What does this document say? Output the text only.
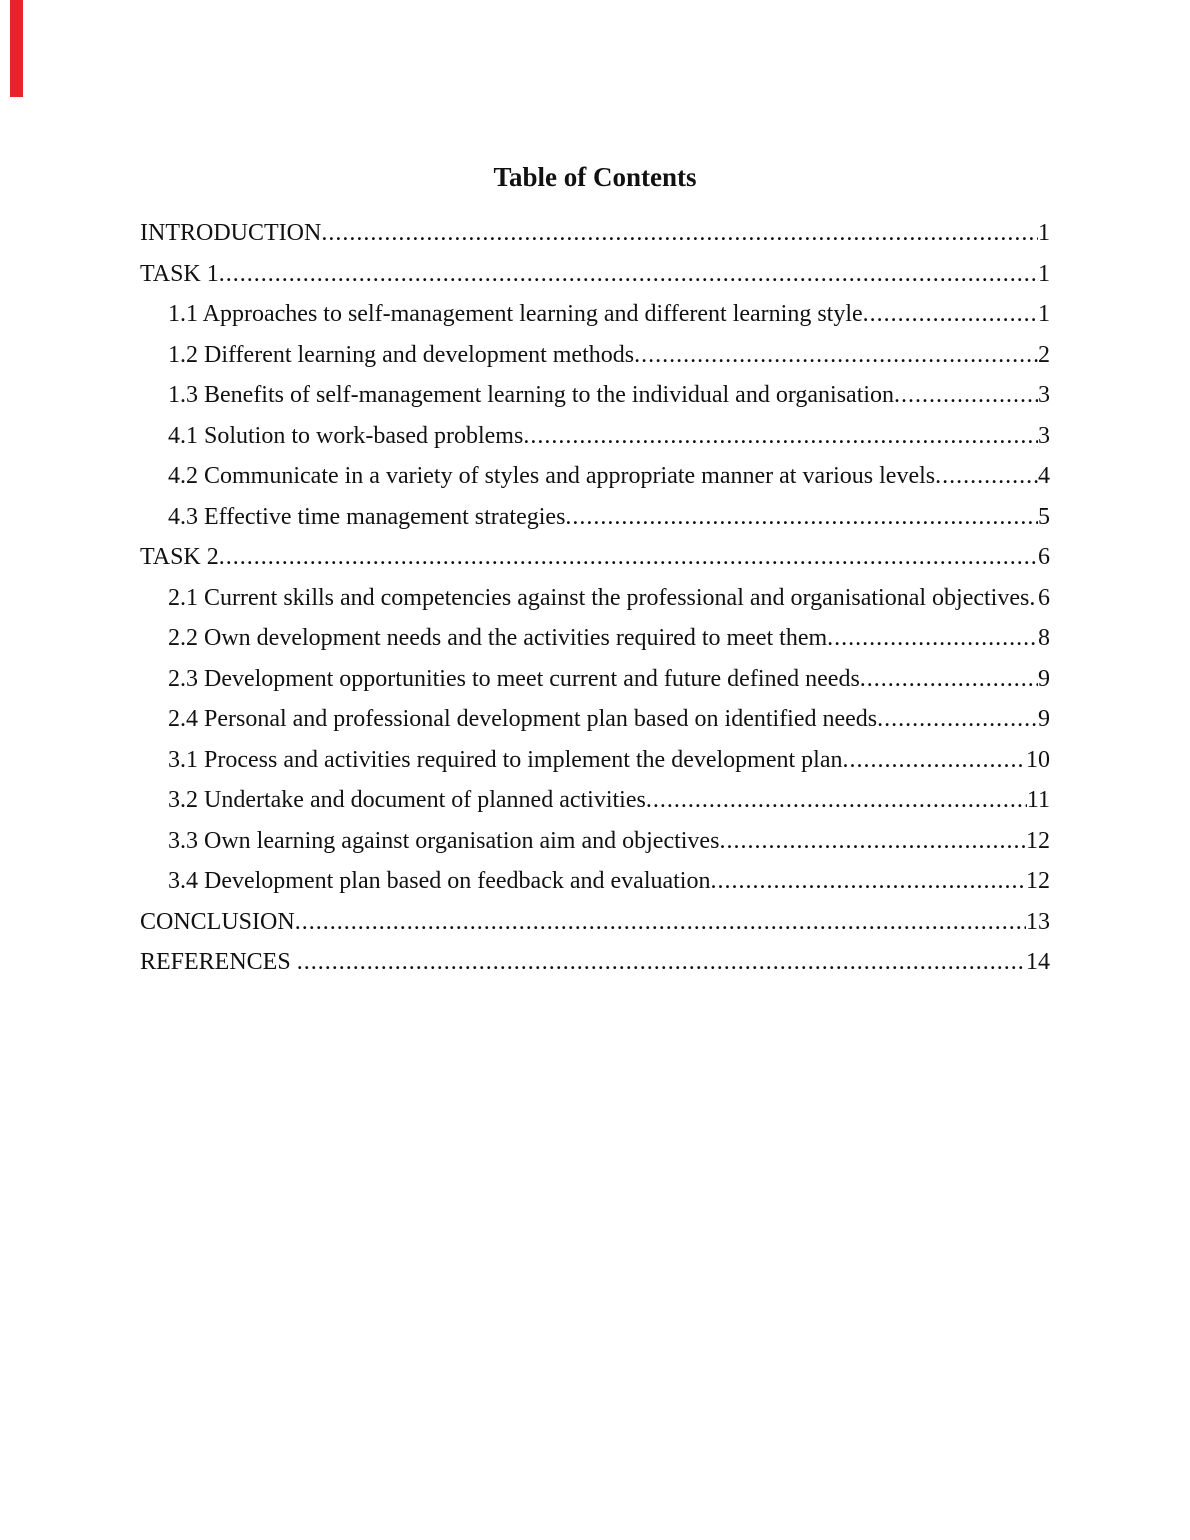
Table of Contents
INTRODUCTION .....	1
TASK 1 .....	1
1.1 Approaches to self-management learning and different learning style .....	1
1.2 Different learning and development methods .....	2
1.3 Benefits of self-management learning to the individual and organisation .....	3
4.1 Solution to work-based problems .....	3
4.2 Communicate in a variety of styles and appropriate manner at various levels .....	4
4.3 Effective time management strategies .....	5
TASK 2 .....	6
2.1 Current skills and competencies against the professional and organisational objectives ..... 6
2.2 Own development needs and the activities required to meet them .....	8
2.3 Development opportunities to meet current and future defined needs .....	9
2.4 Personal and professional development plan based on identified needs .....	9
3.1 Process and activities required to implement the development plan .....	10
3.2 Undertake and document of planned activities .....	11
3.3 Own learning against organisation aim and objectives .....	12
3.4 Development plan based on feedback and evaluation .....	12
CONCLUSION .....	13
REFERENCES .....	14
